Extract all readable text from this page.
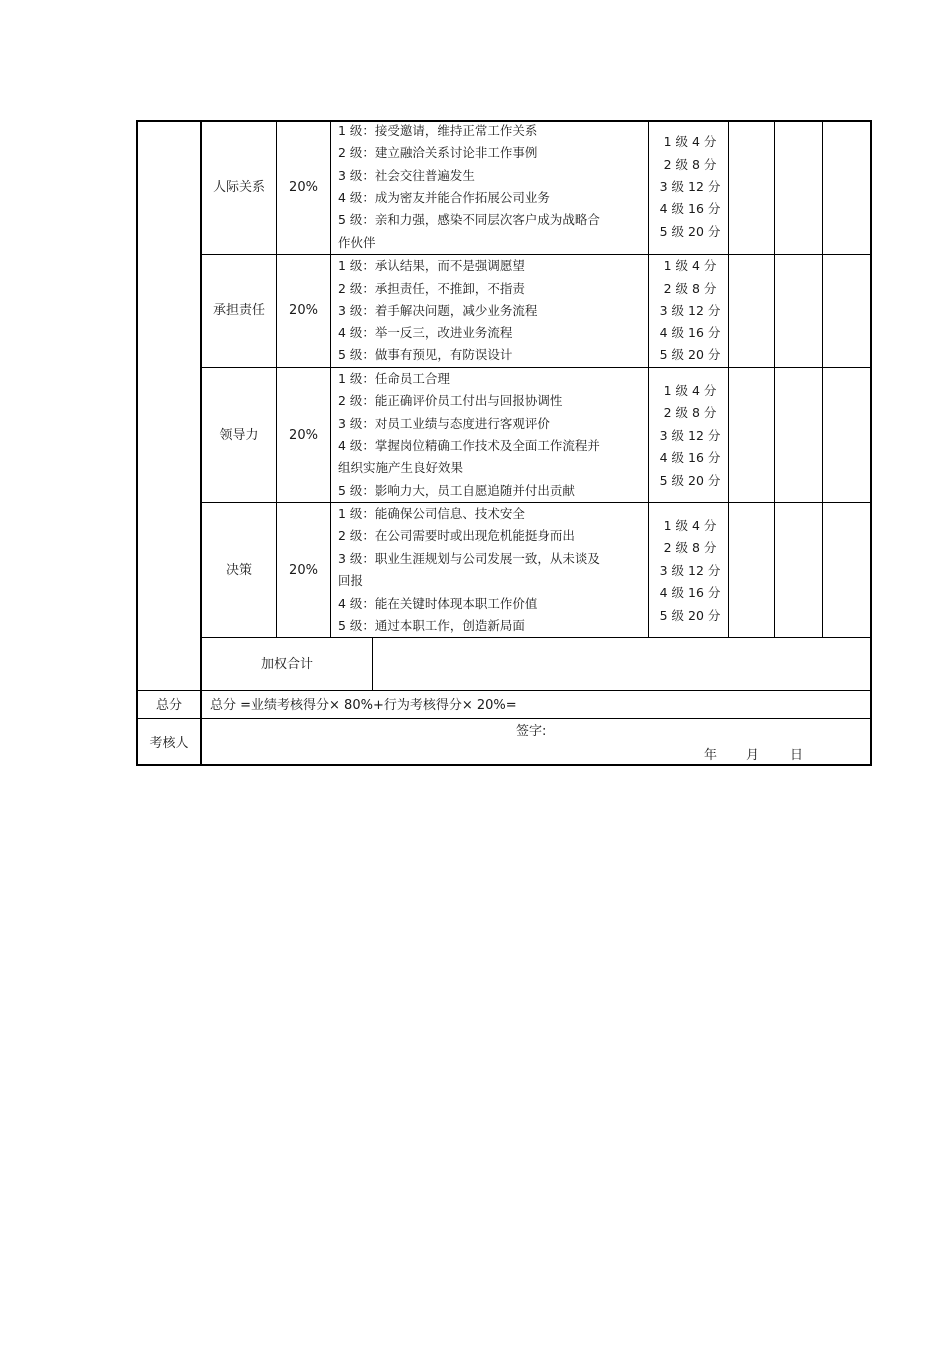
人际关系	20%
1 级：接受邀请，维持正常工作关系
2 级：建立融洽关系讨论非工作事例
3 级：社会交往普遍发生
4 级：成为密友并能合作拓展公司业务
5 级：亲和力强，感染不同层次客户成为战略合
作伙伴
1 级 4 分
2 级 8 分
3 级 12 分
4 级 16 分
5 级 20 分
承担责任	20%
1 级：承认结果，而不是强调愿望
2 级：承担责任，不推卸，不指责
3 级：着手解决问题，减少业务流程
4 级：举一反三，改进业务流程
5 级：做事有预见，有防误设计
1 级 4 分
2 级 8 分
3 级 12 分
4 级 16 分
5 级 20 分
领导力	20%
1 级：任命员工合理
2 级：能正确评价员工付出与回报协调性
3 级：对员工业绩与态度进行客观评价
4 级：掌握岗位精确工作技术及全面工作流程并
组织实施产生良好效果
5 级：影响力大，员工自愿追随并付出贡献
1 级 4 分
2 级 8 分
3 级 12 分
4 级 16 分
5 级 20 分
决策	20%
1 级：能确保公司信息、技术安全
2 级：在公司需要时或出现危机能挺身而出
3 级：职业生涯规划与公司发展一致，从未谈及
回报
4 级：能在关键时体现本职工作价值
5 级：通过本职工作，创造新局面
1 级 4 分
2 级 8 分
3 级 12 分
4 级 16 分
5 级 20 分
加权合计
总分	总分 =业绩考核得分× 80%+行为考核得分× 20%=
考核人
签字:
年 月 日
